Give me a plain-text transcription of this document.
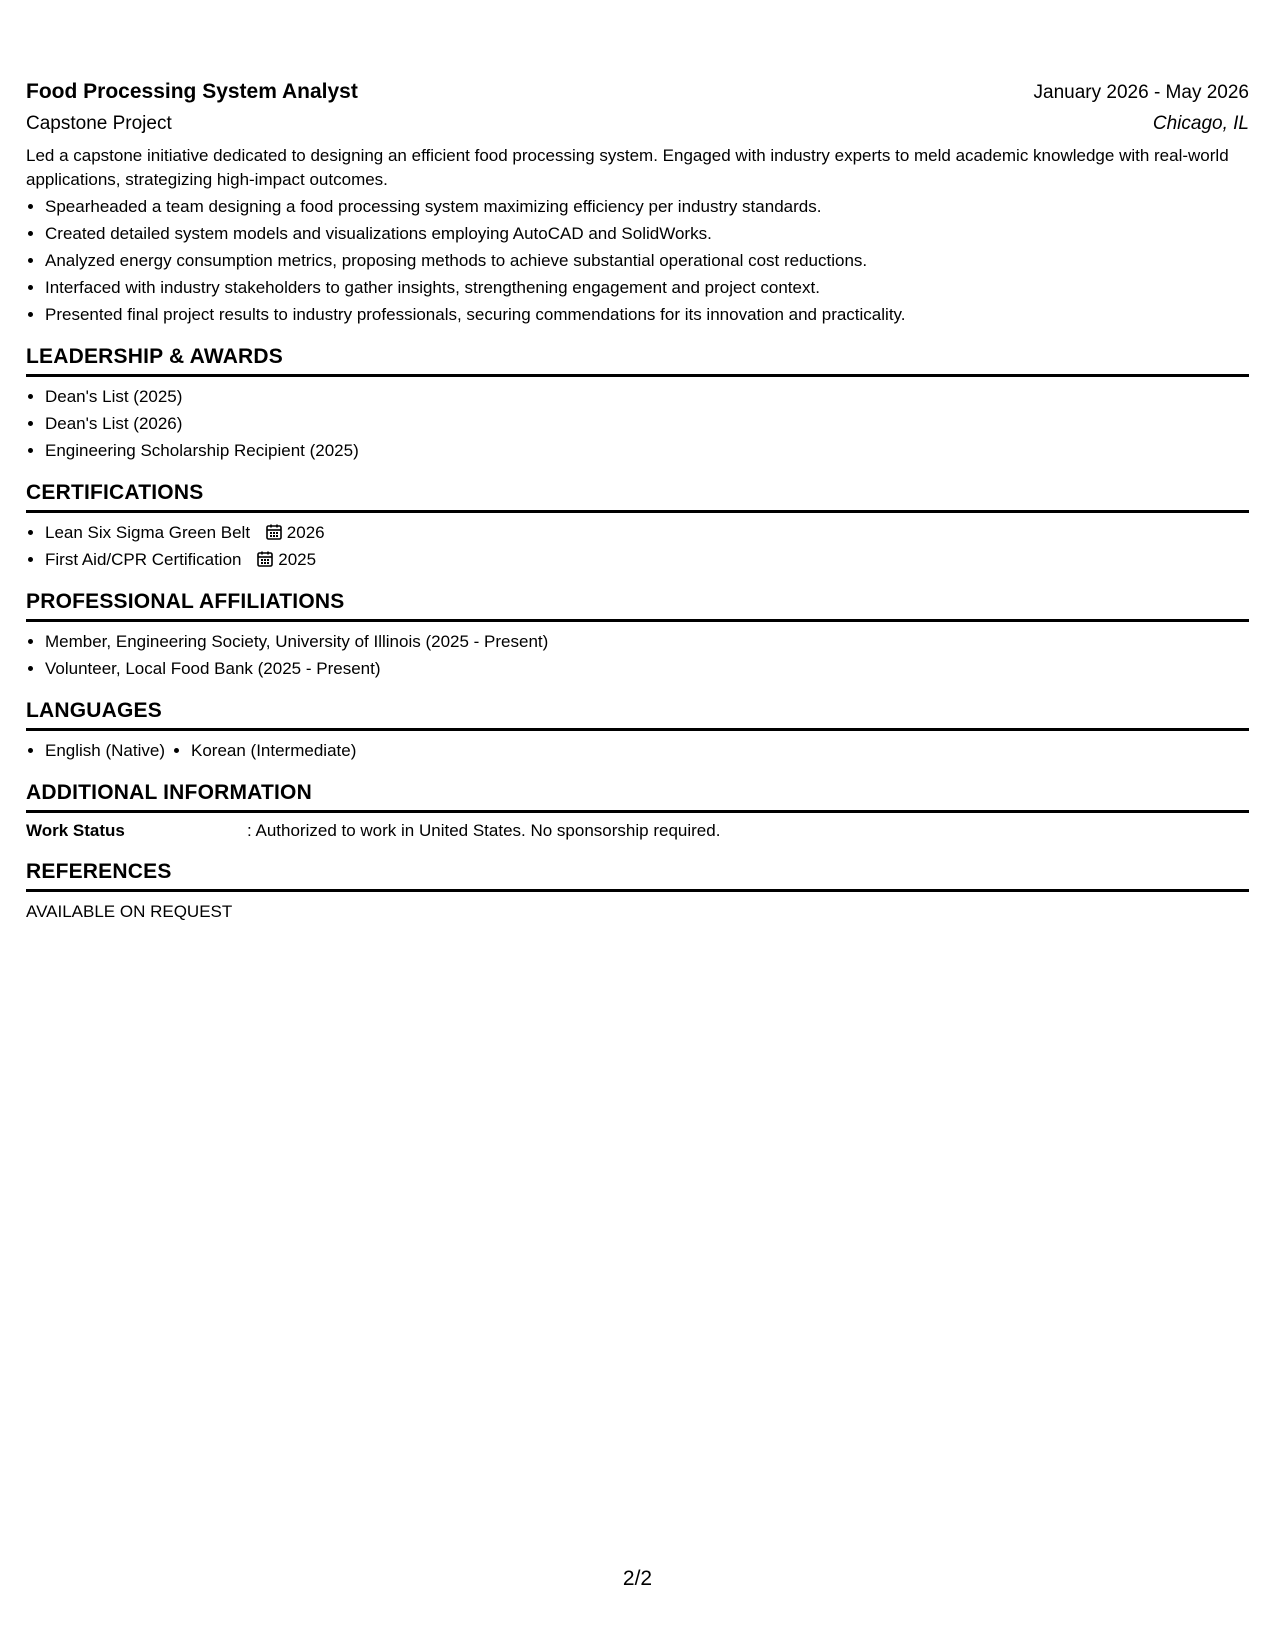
Food Processing System Analyst	January 2026 - May 2026
Capstone Project	Chicago, IL
Led a capstone initiative dedicated to designing an efficient food processing system. Engaged with industry experts to meld academic knowledge with real-world applications, strategizing high-impact outcomes.
• Spearheaded a team designing a food processing system maximizing efficiency per industry standards.
• Created detailed system models and visualizations employing AutoCAD and SolidWorks.
• Analyzed energy consumption metrics, proposing methods to achieve substantial operational cost reductions.
• Interfaced with industry stakeholders to gather insights, strengthening engagement and project context.
• Presented final project results to industry professionals, securing commendations for its innovation and practicality.
LEADERSHIP & AWARDS
• Dean's List (2025)
• Dean's List (2026)
• Engineering Scholarship Recipient (2025)
CERTIFICATIONS
• Lean Six Sigma Green Belt 2026
• First Aid/CPR Certification 2025
PROFESSIONAL AFFILIATIONS
• Member, Engineering Society, University of Illinois (2025 - Present)
• Volunteer, Local Food Bank (2025 - Present)
LANGUAGES
• English (Native)
• Korean (Intermediate)
ADDITIONAL INFORMATION
Work Status	: Authorized to work in United States. No sponsorship required.
REFERENCES
AVAILABLE ON REQUEST
2/2
